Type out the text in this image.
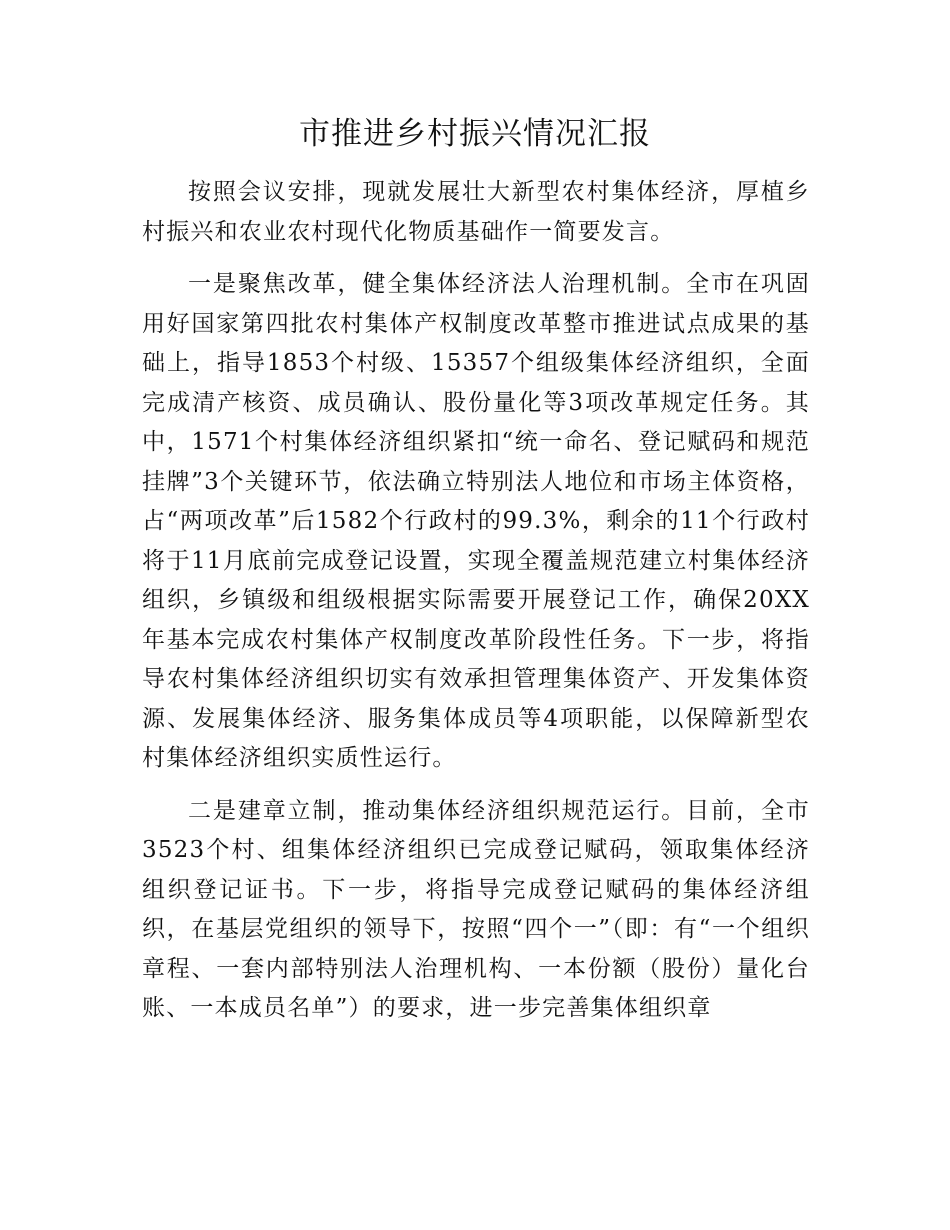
市推进乡村振兴情况汇报

按照会议安排，现就发展壮大新型农村集体经济，厚植乡村振兴和农业农村现代化物质基础作一简要发言。

一是聚焦改革，健全集体经济法人治理机制。全市在巩固用好国家第四批农村集体产权制度改革整市推进试点成果的基础上，指导1853个村级、15357个组级集体经济组织，全面完成清产核资、成员确认、股份量化等3项改革规定任务。其中，1571个村集体经济组织紧扣“统一命名、登记赋码和规范挂牌”3个关键环节，依法确立特别法人地位和市场主体资格，占“两项改革”后1582个行政村的99.3%，剩余的11个行政村将于11月底前完成登记设置，实现全覆盖规范建立村集体经济组织，乡镇级和组级根据实际需要开展登记工作，确保20XX年基本完成农村集体产权制度改革阶段性任务。下一步，将指导农村集体经济组织切实有效承担管理集体资产、开发集体资源、发展集体经济、服务集体成员等4项职能，以保障新型农村集体经济组织实质性运行。

二是建章立制，推动集体经济组织规范运行。目前，全市3523个村、组集体经济组织已完成登记赋码，领取集体经济组织登记证书。下一步，将指导完成登记赋码的集体经济组织，在基层党组织的领导下，按照“四个一”（即：有“一个组织章程、一套内部特别法人治理机构、一本份额（股份）量化台账、一本成员名单”）的要求，进一步完善集体组织章
